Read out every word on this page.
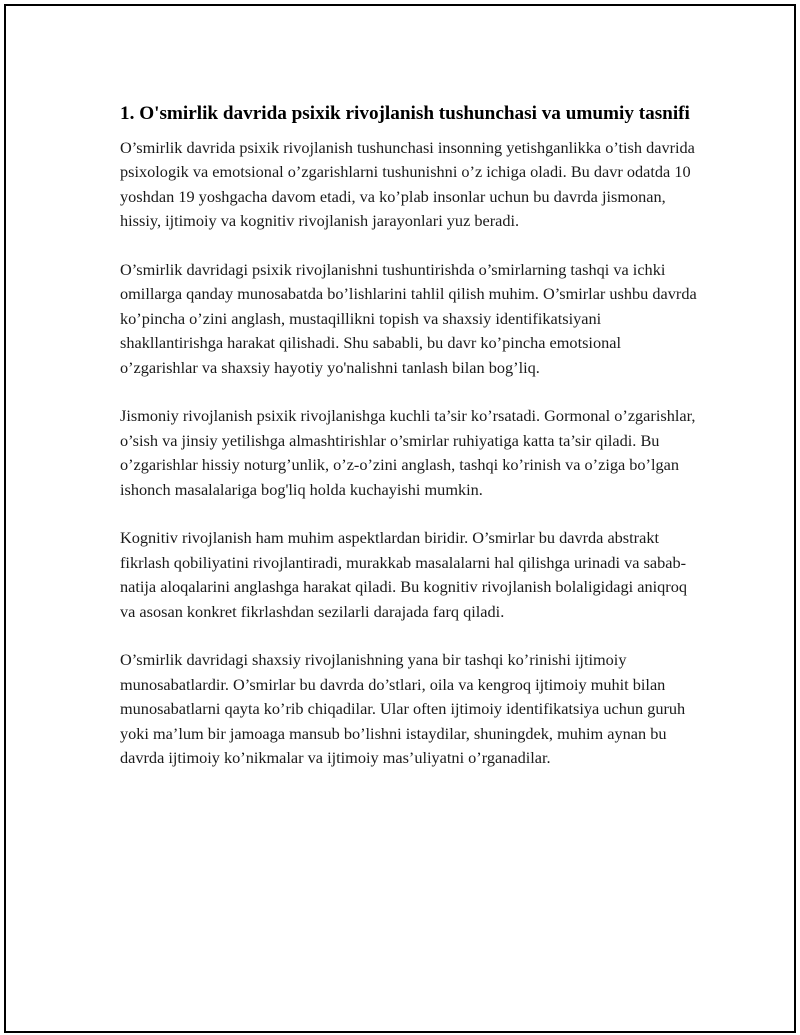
1. O'smirlik davrida psixik rivojlanish tushunchasi va umumiy tasnifi

O’smirlik davrida psixik rivojlanish tushunchasi insonning yetishganlikka o’tish davrida psixologik va emotsional o’zgarishlarni tushunishni o’z ichiga oladi. Bu davr odatda 10 yoshdan 19 yoshgacha davom etadi, va ko’plab insonlar uchun bu davrda jismonan, hissiy, ijtimoiy va kognitiv rivojlanish jarayonlari yuz beradi.

O’smirlik davridagi psixik rivojlanishni tushuntirishda o’smirlarning tashqi va ichki omillarga qanday munosabatda bo’lishlarini tahlil qilish muhim. O’smirlar ushbu davrda ko’pincha o’zini anglash, mustaqillikni topish va shaxsiy identifikatsiyani shakllantirishga harakat qilishadi. Shu sababli, bu davr ko’pincha emotsional o’zgarishlar va shaxsiy hayotiy yo'nalishni tanlash bilan bog’liq.

Jismoniy rivojlanish psixik rivojlanishga kuchli ta’sir ko’rsatadi. Gormonal o’zgarishlar, o’sish va jinsiy yetilishga almashtirishlar o’smirlar ruhiyatiga katta ta’sir qiladi. Bu o’zgarishlar hissiy noturg’unlik, o’z-o’zini anglash, tashqi ko’rinish va o’ziga bo’lgan ishonch masalalariga bog'liq holda kuchayishi mumkin.

Kognitiv rivojlanish ham muhim aspektlardan biridir. O’smirlar bu davrda abstrakt fikrlash qobiliyatini rivojlantiradi, murakkab masalalarni hal qilishga urinadi va sabab-natija aloqalarini anglashga harakat qiladi. Bu kognitiv rivojlanish bolaligidagi aniqroq va asosan konkret fikrlashdan sezilarli darajada farq qiladi.

O’smirlik davridagi shaxsiy rivojlanishning yana bir tashqi ko’rinishi ijtimoiy munosabatlardir. O’smirlar bu davrda do’stlari, oila va kengroq ijtimoiy muhit bilan munosabatlarni qayta ko’rib chiqadilar. Ular often ijtimoiy identifikatsiya uchun guruh yoki ma’lum bir jamoaga mansub bo’lishni istaydilar, shuningdek, muhim aynan bu davrda ijtimoiy ko’nikmalar va ijtimoiy mas’uliyatni o’rganadilar.
